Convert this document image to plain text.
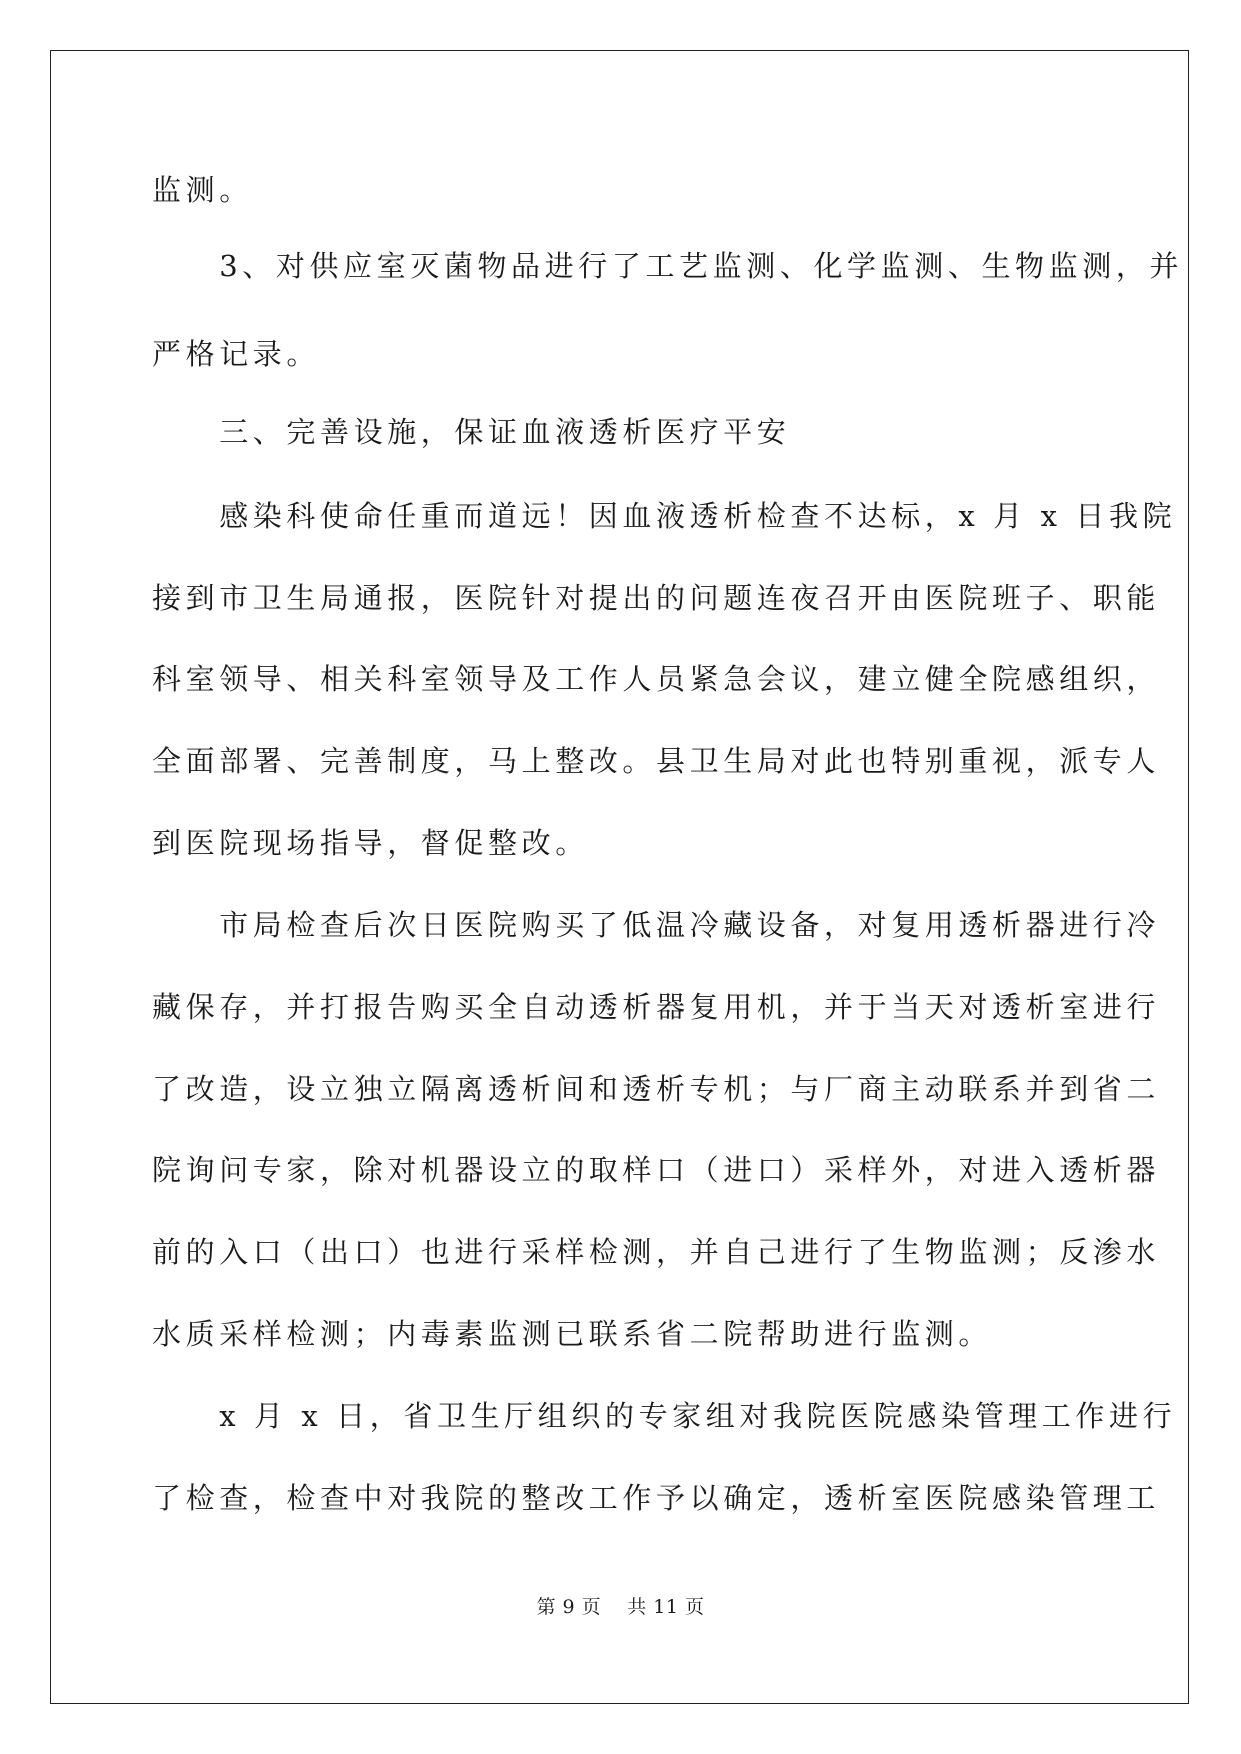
监测。
　　3、对供应室灭菌物品进行了工艺监测、化学监测、生物监测，并
严格记录。
　　三、完善设施，保证血液透析医疗平安
　　感染科使命任重而道远！因血液透析检查不达标，x 月 x 日我院
接到市卫生局通报，医院针对提出的问题连夜召开由医院班子、职能
科室领导、相关科室领导及工作人员紧急会议，建立健全院感组织，
全面部署、完善制度，马上整改。县卫生局对此也特别重视，派专人
到医院现场指导，督促整改。
　　市局检查后次日医院购买了低温冷藏设备，对复用透析器进行冷
藏保存，并打报告购买全自动透析器复用机，并于当天对透析室进行
了改造，设立独立隔离透析间和透析专机；与厂商主动联系并到省二
院询问专家，除对机器设立的取样口（进口）采样外，对进入透析器
前的入口（出口）也进行采样检测，并自己进行了生物监测；反渗水
水质采样检测；内毒素监测已联系省二院帮助进行监测。
　　x 月 x 日，省卫生厅组织的专家组对我院医院感染管理工作进行
了检查，检查中对我院的整改工作予以确定，透析室医院感染管理工
第 9 页　 共 11 页
